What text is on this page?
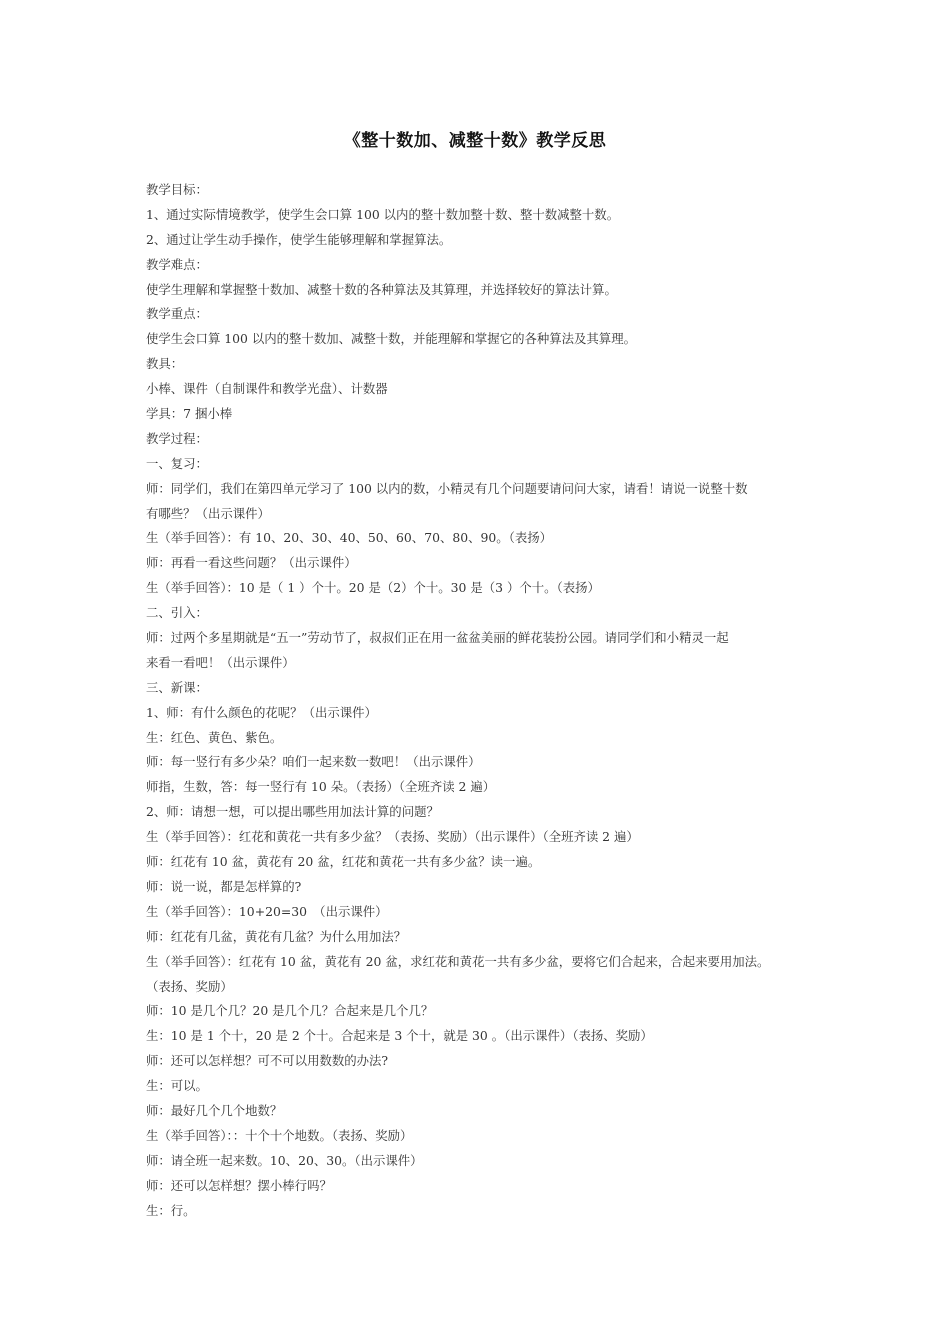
《整十数加、减整十数》教学反思
教学目标：
1、通过实际情境教学，使学生会口算 100 以内的整十数加整十数、整十数减整十数。
2、通过让学生动手操作，使学生能够理解和掌握算法。
教学难点：
使学生理解和掌握整十数加、减整十数的各种算法及其算理，并选择较好的算法计算。
教学重点：
使学生会口算 100 以内的整十数加、减整十数，并能理解和掌握它的各种算法及其算理。
教具：
小棒、课件（自制课件和教学光盘）、计数器
学具：7 捆小棒
教学过程：
一、复习：
师：同学们，我们在第四单元学习了 100 以内的数，小精灵有几个问题要请问问大家，请看！请说一说整十数
有哪些？（出示课件）
生（举手回答）：有 10、20、30、40、50、60、70、80、90。（表扬）
师：再看一看这些问题？（出示课件）
生（举手回答）：10 是（ 1 ）个十。20 是（2）个十。30 是（3 ）个十。（表扬）
二、引入：
师：过两个多星期就是“五一”劳动节了，叔叔们正在用一盆盆美丽的鲜花装扮公园。请同学们和小精灵一起
来看一看吧！（出示课件）
三、新课：
1、师：有什么颜色的花呢？（出示课件）
生：红色、黄色、紫色。
师：每一竖行有多少朵？咱们一起来数一数吧！（出示课件）
师指，生数，答：每一竖行有 10 朵。（表扬）（全班齐读 2 遍）
2、师：请想一想，可以提出哪些用加法计算的问题？
生（举手回答）：红花和黄花一共有多少盆？（表扬、奖励）（出示课件）（全班齐读 2 遍）
师：红花有 10 盆，黄花有 20 盆，红花和黄花一共有多少盆？读一遍。
师：说一说，都是怎样算的?
生（举手回答）：10+20=30　（出示课件）
师：红花有几盆，黄花有几盆？为什么用加法？
生（举手回答）：红花有 10 盆，黄花有 20 盆，求红花和黄花一共有多少盆，要将它们合起来，合起来要用加法。
（表扬、奖励）
师：10 是几个几？20 是几个几？合起来是几个几？
生：10 是 1 个十，20 是 2 个十。合起来是 3 个十，就是 30 。（出示课件）（表扬、奖励）
师：还可以怎样想？可不可以用数数的办法?
生：可以。
师：最好几个几个地数？
生（举手回答）：：十个十个地数。（表扬、奖励）
师：请全班一起来数。10、20、30。（出示课件）
师：还可以怎样想？摆小棒行吗？
生：行。
